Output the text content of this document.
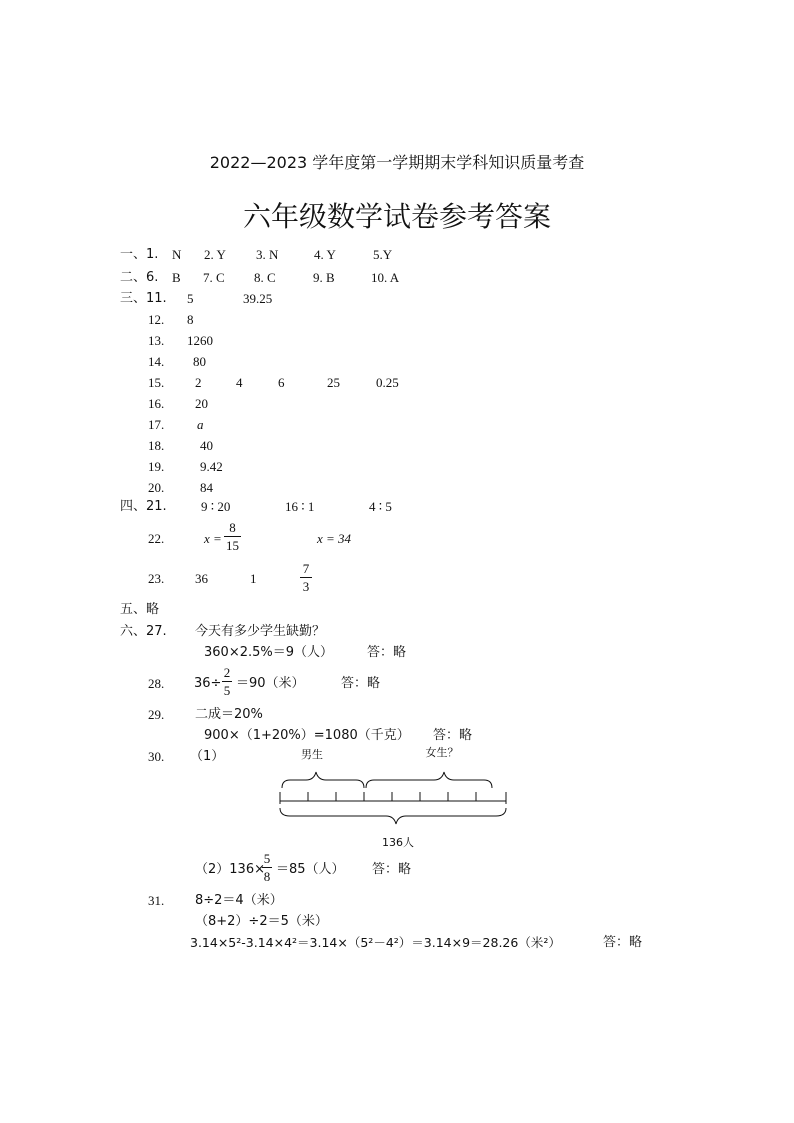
2022—2023 学年度第一学期期末学科知识质量考查
六年级数学试卷参考答案
一、1. N 2. Y 3. N	4. Y	5.Y
二、6. B 7. C 8. C	9. B	10. A
三、11. 5	39.25
12. 8
13. 1260
14. 80
15. 2	4	6	25	0.25
16. 20
17.	a
18.	40
19.	9.42
20.	84
四、21.	9 ∶ 20	16 ∶ 1	4 ∶ 5
22.	x =
8
15	x = 34
23. 36	1
7
3
五、略
六、27. 今天有多少学生缺勤？
360×2.5%＝9（人）	答：略
28. 36÷
2
5 ＝90（米）	答：略
29. 二成＝20%
900×（1+20%）=1080（千克） 答：略
30. （1）	男生	女生？
136人
（2）136×
5
8 ＝85（人） 答：略
31. 8÷2＝4（米）
（8+2）÷2＝5（米）
3.14×5²-3.14×4²＝3.14×（5²－4²）＝3.14×9＝28.26（米²）	答：略
